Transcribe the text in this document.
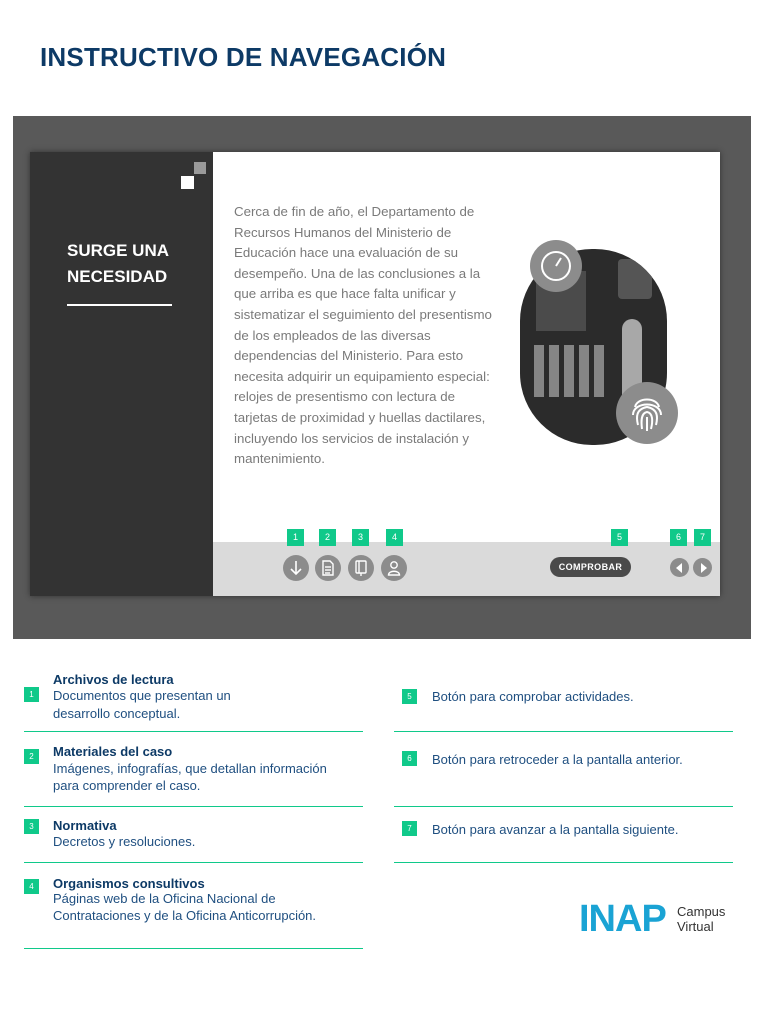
INSTRUCTIVO DE NAVEGACIÓN
SURGE UNA NECESIDAD

Cerca de fin de año, el Departamento de Recursos Humanos del Ministerio de Educación hace una evaluación de su desempeño. Una de las conclusiones a la que arriba es que hace falta unificar y sistematizar el seguimiento del presentismo de los empleados de las diversas dependencias del Ministerio. Para esto necesita adquirir un equipamiento especial: relojes de presentismo con lectura de tarjetas de proximidad y huellas dactilares, incluyendo los servicios de instalación y mantenimiento.

1	2	3	4	5
COMPROBAR
6	7
1

Archivos de lectura

Documentos que presentan un

desarrollo conceptual.

2	Materiales del caso

Imágenes, infografías, que detallan información

para comprender el caso.

3	Normativa

Decretos y resoluciones.

4	Organismos consultivos

Páginas web de la Oficina Nacional de

Contrataciones y de la Oficina Anticorrupción.

5	Botón para comprobar actividades.

6	Botón para retroceder a la pantalla anterior.

7	Botón para avanzar a la pantalla siguiente.

INAP Campus
Virtual
